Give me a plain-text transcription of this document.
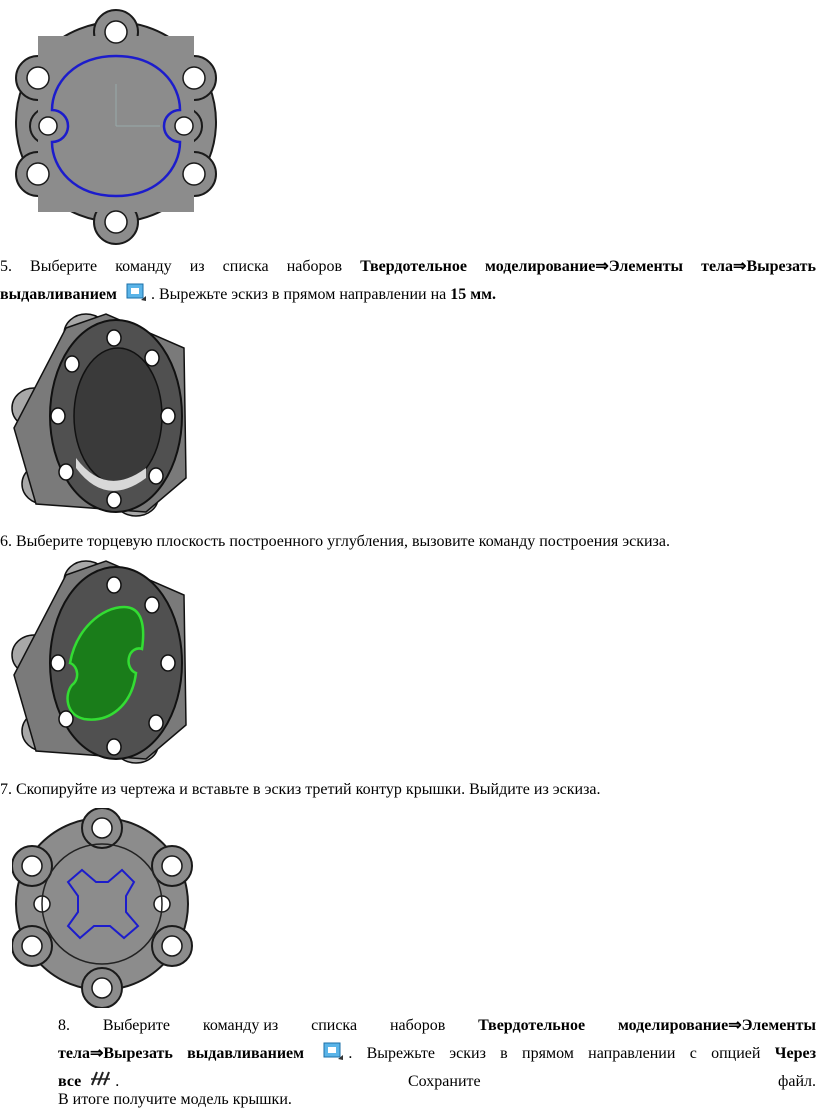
5. Выберите команду из списка наборов Твердотельное моделирование⇒Элементы тела⇒Вырезать
выдавливанием . Вырежьте эскиз в прямом направлении на 15 мм.
6. Выберите торцевую плоскость построенного углубления, вызовите команду построения эскиза.
7. Скопируйте из чертежа и вставьте в эскиз третий контур крышки. Выйдите из эскиза.
8. Выберите команду из списка наборов Твердотельное моделирование⇒Элементы
тела⇒Вырезать выдавливанием	. Вырежьте эскиз в прямом направлении с опцией Через
все .	Сохраните	файл.
В итоге получите модель крышки.
